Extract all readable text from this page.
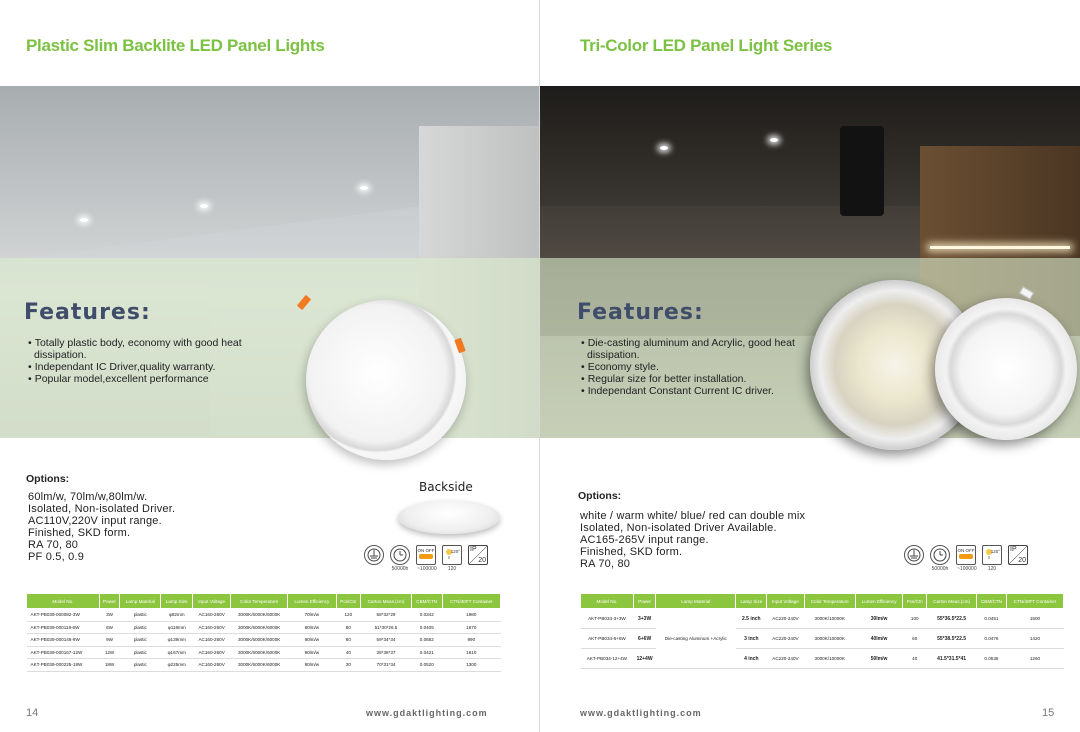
Plastic Slim Backlite LED Panel Lights
Features:
• Totally plastic body, economy with good heat dissipation.
• Independant IC Driver,quality warranty.
• Popular model,excellent performance
Options:
60lm/w, 70lm/w,80lm/w.
Isolated, Non-isolated Driver.
AC110V,220V input range.
Finished, SKD form.
RA 70, 80
PF 0.5, 0.9
Backside
50000h
ON OFF
~100000
120°
120
IP
20
Model No.	Power	Lamp Material	Lamp Size	Input Voltage	Color Temperature	Lumen Efficiency	Pcs/Ctn	Carton Meas.(cm)	CBM/CTN	CTN/40FT Container
AKT-PB039-000082-3W	3W	plastic	φ82mm	AC160-260V	3000K/6000K/6000K	70lm/w	120	58*32*29	0.0342	1980
AKT-PB039-000118-6W	6W	plastic	φ118mm	AC160-260V	3000K/6000K/6000K	80lm/w	80	51*30*26.5	0.0405	1670
AKT-PB039-000146-9W	9W	plastic	φ139mm	AC160-260V	3000K/6000K/6000K	90lm/w	80	59*34*34	0.0682	990
AKT-PB039-000167-12W	12W	plastic	φ167mm	AC160-260V	3000K/6000K/6000K	90lm/w	40	38*38*37	0.0421	1610
AKT-PB039-000225-18W	18W	plastic	φ225mm	AC160-260V	3000K/6000K/6000K	90lm/w	30	70*31*34	0.0520	1300
14	www.gdaktlighting.com
Tri-Color LED Panel Light Series
Features:
• Die-casting aluminum and Acrylic, good heat dissipation.
• Economy style.
• Regular size for better installation.
• Independant Constant Current IC driver.
Options:
white / warm white/ blue/ red can double mix
Isolated, Non-isolated Driver Available.
AC165-265V input range.
Finished, SKD form.
RA 70, 80	50000h
ON OFF
~100000
120°
120
IP
20
Model No.	Power	Lamp Material	Lamp Size	Input Voltage	Color Temperature	Lumen Efficiency	Pcs/Ctn	Carton Meas.(cm)	CBM/CTN	CTN/40FT Container
AKT-PB034-3+3W	3+3W	Die-casting Aluminum +Acrylic	2.5 inch	AC220-240V	3000K/10000K	30lm/w	100	55*36.5*22.5	0.0451	1500
AKT-PB034-6+6W	6+6W		3 inch	AC220-240V	3000K/10000K	40lm/w	60	55*38.5*22.5	0.0476	1420
AKT-PB034-12+4W	12+4W		4 inch	AC220-240V	3000K/10000K	50lm/w	40	41.5*31.5*41	0.0536	1260
www.gdaktlighting.com	15
